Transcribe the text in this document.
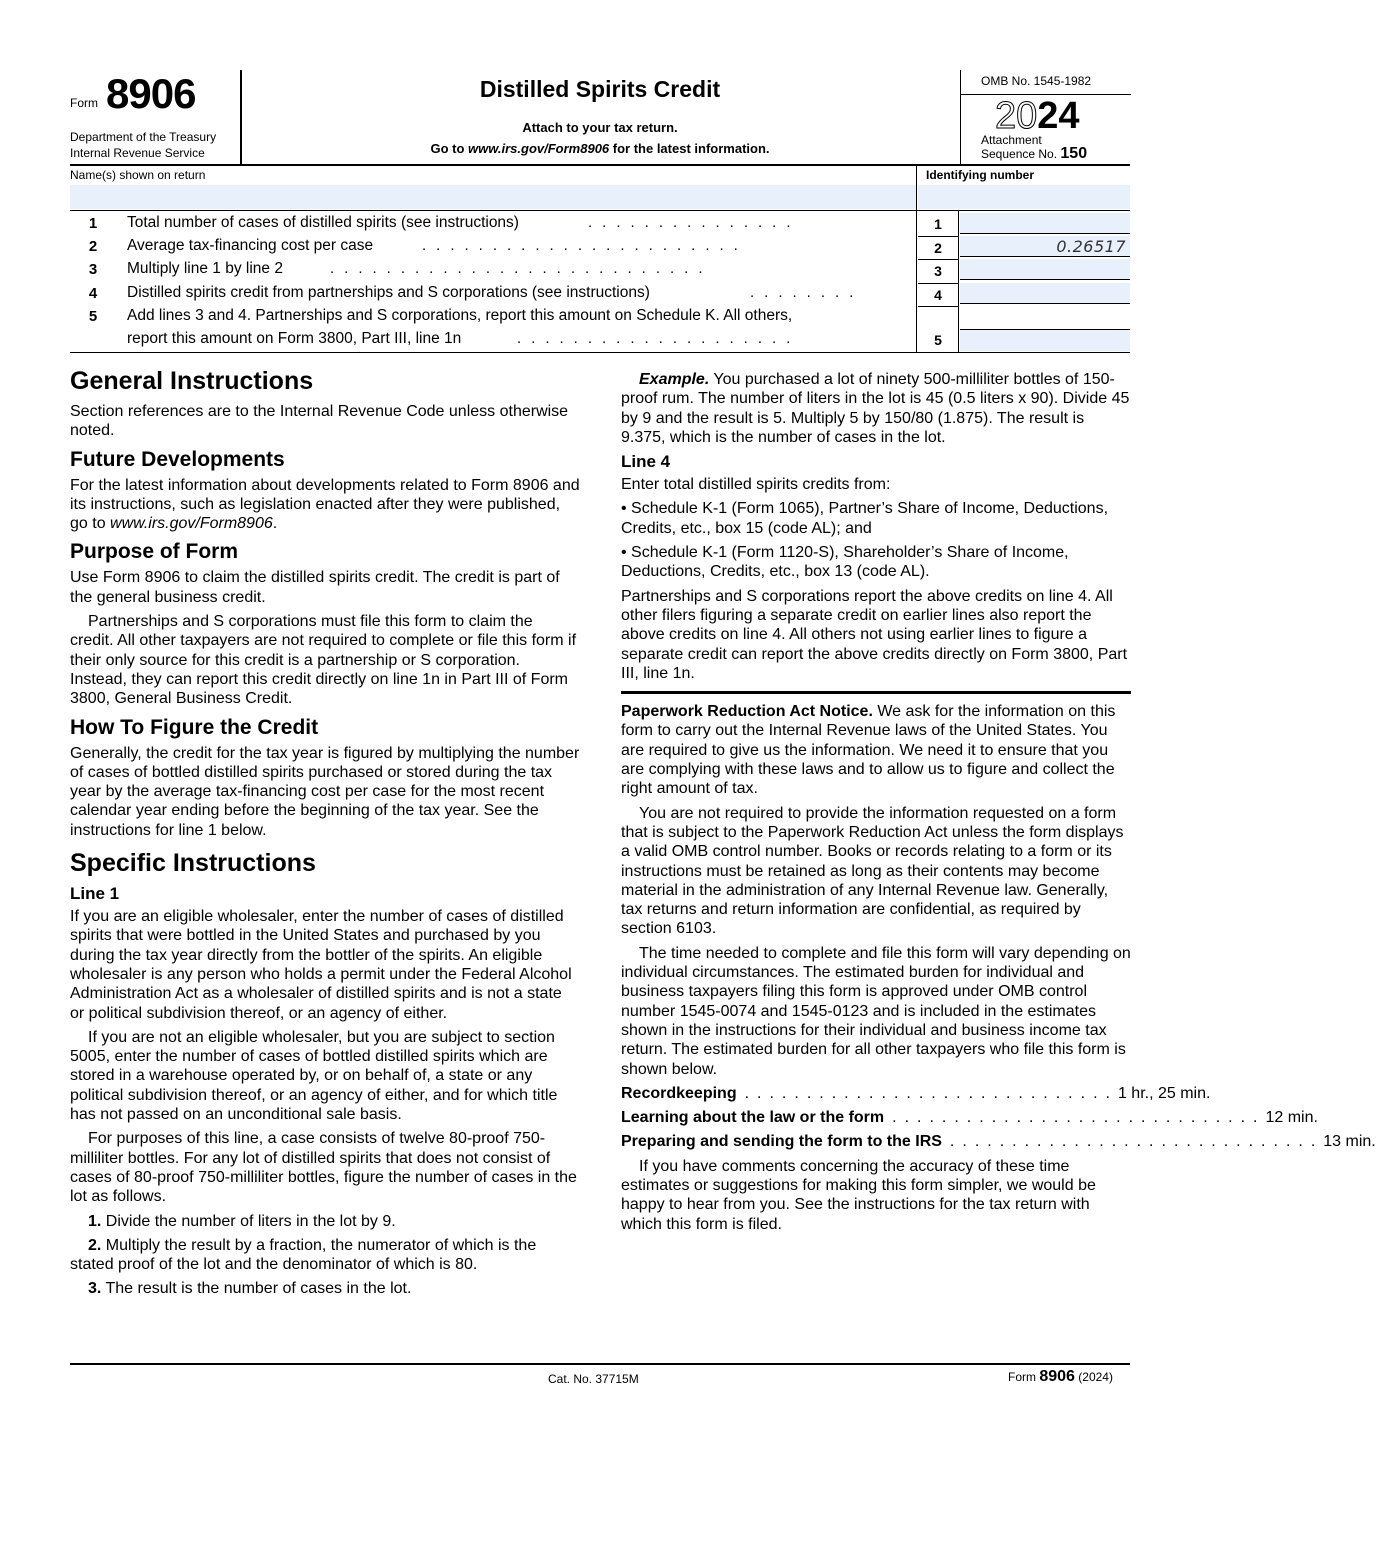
Form 8906
Department of the Treasury
Internal Revenue Service
Distilled Spirits Credit
Attach to your tax return.
Go to www.irs.gov/Form8906 for the latest information.
OMB No. 1545-1982
2024
Attachment
Sequence No. 150
Name(s) shown on return	Identifying number
1	Total number of cases of distilled spirits (see instructions)	...............	1
2	Average tax-financing cost per case	.......................	2	0.26517
3	Multiply line 1 by line 2	...........................	3
4	Distilled spirits credit from partnerships and S corporations (see instructions)	........	4
5	Add lines 3 and 4. Partnerships and S corporations, report this amount on Schedule K. All others,
report this amount on Form 3800, Part III, line 1n	....................	5
General Instructions

Section references are to the Internal Revenue Code unless otherwise noted.

Future Developments

For the latest information about developments related to Form 8906 and its instructions, such as legislation enacted after they were published, go to www.irs.gov/Form8906.

Purpose of Form

Use Form 8906 to claim the distilled spirits credit. The credit is part of the general business credit.

Partnerships and S corporations must file this form to claim the credit. All other taxpayers are not required to complete or file this form if their only source for this credit is a partnership or S corporation. Instead, they can report this credit directly on line 1n in Part III of Form 3800, General Business Credit.

How To Figure the Credit

Generally, the credit for the tax year is figured by multiplying the number of cases of bottled distilled spirits purchased or stored during the tax year by the average tax-financing cost per case for the most recent calendar year ending before the beginning of the tax year. See the instructions for line 1 below.

Specific Instructions
Line 1

If you are an eligible wholesaler, enter the number of cases of distilled spirits that were bottled in the United States and purchased by you during the tax year directly from the bottler of the spirits. An eligible wholesaler is any person who holds a permit under the Federal Alcohol Administration Act as a wholesaler of distilled spirits and is not a state or political subdivision thereof, or an agency of either.

If you are not an eligible wholesaler, but you are subject to section 5005, enter the number of cases of bottled distilled spirits which are stored in a warehouse operated by, or on behalf of, a state or any political subdivision thereof, or an agency of either, and for which title has not passed on an unconditional sale basis.

For purposes of this line, a case consists of twelve 80-proof 750-milliliter bottles. For any lot of distilled spirits that does not consist of cases of 80-proof 750-milliliter bottles, figure the number of cases in the lot as follows.

1. Divide the number of liters in the lot by 9.

2. Multiply the result by a fraction, the numerator of which is the stated proof of the lot and the denominator of which is 80.

3. The result is the number of cases in the lot.

Example. You purchased a lot of ninety 500-milliliter bottles of 150-proof rum. The number of liters in the lot is 45 (0.5 liters x 90). Divide 45 by 9 and the result is 5. Multiply 5 by 150/80 (1.875). The result is 9.375, which is the number of cases in the lot.

Line 4

Enter total distilled spirits credits from:

• Schedule K-1 (Form 1065), Partner’s Share of Income, Deductions, Credits, etc., box 15 (code AL); and

• Schedule K-1 (Form 1120-S), Shareholder’s Share of Income, Deductions, Credits, etc., box 13 (code AL).

Partnerships and S corporations report the above credits on line 4. All other filers figuring a separate credit on earlier lines also report the above credits on line 4. All others not using earlier lines to figure a separate credit can report the above credits directly on Form 3800, Part III, line 1n.

Paperwork Reduction Act Notice. We ask for the information on this form to carry out the Internal Revenue laws of the United States. You are required to give us the information. We need it to ensure that you are complying with these laws and to allow us to figure and collect the right amount of tax.

You are not required to provide the information requested on a form that is subject to the Paperwork Reduction Act unless the form displays a valid OMB control number. Books or records relating to a form or its instructions must be retained as long as their contents may become material in the administration of any Internal Revenue law. Generally, tax returns and return information are confidential, as required by section 6103.

The time needed to complete and file this form will vary depending on individual circumstances. The estimated burden for individual and business taxpayers filing this form is approved under OMB control number 1545-0074 and 1545-0123 and is included in the estimates shown in the instructions for their individual and business income tax return. The estimated burden for all other taxpayers who file this form is shown below.

Recordkeeping .............................. 1 hr., 25 min.
Learning about the law or the form .............................. 12 min.
Preparing and sending the form to the IRS .............................. 13 min.

If you have comments concerning the accuracy of these time estimates or suggestions for making this form simpler, we would be happy to hear from you. See the instructions for the tax return with which this form is filed.

Cat. No. 37715M	Form 8906 (2024)
